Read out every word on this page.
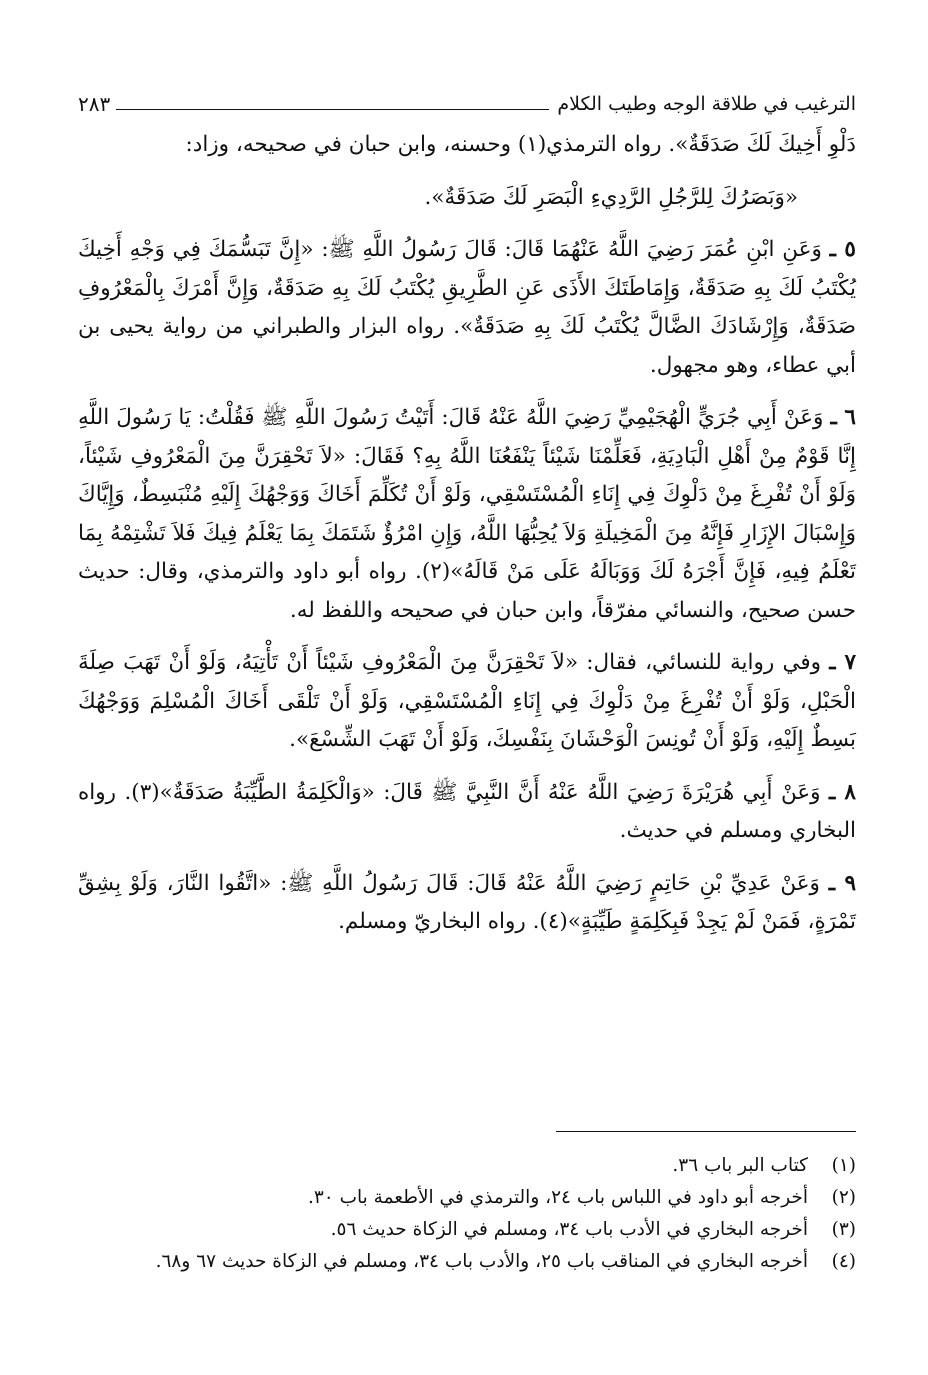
الترغيب في طلاقة الوجه وطيب الكلام
٢٨٣

دَلْوِ أَخِيكَ لَكَ صَدَقَةٌ». رواه الترمذي(١) وحسنه، وابن حبان في صحيحه، وزاد:

«وَبَصَرُكَ لِلرَّجُلِ الرَّدِيءِ الْبَصَرِ لَكَ صَدَقَةٌ».

٥ ـ وَعَنِ ابْنِ عُمَرَ رَضِيَ اللَّهُ عَنْهُمَا قَالَ: قَالَ رَسُولُ اللَّهِ ﷺ: «إِنَّ تَبَسُّمَكَ فِي وَجْهِ أَخِيكَ يُكْتَبُ لَكَ بِهِ صَدَقَةٌ، وَإِمَاطَتَكَ الأَذَى عَنِ الطَّرِيقِ يُكْتَبُ لَكَ بِهِ صَدَقَةٌ، وَإِنَّ أَمْرَكَ بِالْمَعْرُوفِ صَدَقَةٌ، وَإِرْشَادَكَ الضَّالَّ يُكْتَبُ لَكَ بِهِ صَدَقَةٌ». رواه البزار والطبراني من رواية يحيى بن أبي عطاء، وهو مجهول.

٦ ـ وَعَنْ أَبِي جُرَيٍّ الْهُجَيْمِيِّ رَضِيَ اللَّهُ عَنْهُ قَالَ: أَتَيْتُ رَسُولَ اللَّهِ ﷺ فَقُلْتُ: يَا رَسُولَ اللَّهِ إِنَّا قَوْمٌ مِنْ أَهْلِ الْبَادِيَةِ، فَعَلِّمْنَا شَيْئاً يَنْفَعُنَا اللَّهُ بِهِ؟ فَقَالَ: «لاَ تَحْقِرَنَّ مِنَ الْمَعْرُوفِ شَيْئاً، وَلَوْ أَنْ تُفْرِغَ مِنْ دَلْوِكَ فِي إِنَاءِ الْمُسْتَسْقِي، وَلَوْ أَنْ تُكَلِّمَ أَخَاكَ وَوَجْهُكَ إِلَيْهِ مُنْبَسِطٌ، وَإِيَّاكَ وَإِسْبَالَ الإِزَارِ فَإِنَّهُ مِنَ الْمَخِيلَةِ وَلاَ يُحِبُّهَا اللَّهُ، وَإِنِ امْرُؤٌ شَتَمَكَ بِمَا يَعْلَمُ فِيكَ فَلاَ تَشْتِمْهُ بِمَا تَعْلَمُ فِيهِ، فَإِنَّ أَجْرَهُ لَكَ وَوَبَالَهُ عَلَى مَنْ قَالَهُ»(٢). رواه أبو داود والترمذي، وقال: حديث حسن صحيح، والنسائي مفرّقاً، وابن حبان في صحيحه واللفظ له.

٧ ـ وفي رواية للنسائي، فقال: «لاَ تَحْقِرَنَّ مِنَ الْمَعْرُوفِ شَيْئاً أَنْ تَأْتِيَهُ، وَلَوْ أَنْ تَهَبَ صِلَةَ الْحَبْلِ، وَلَوْ أَنْ تُفْرِغَ مِنْ دَلْوِكَ فِي إِنَاءِ الْمُسْتَسْقِي، وَلَوْ أَنْ تَلْقَى أَخَاكَ الْمُسْلِمَ وَوَجْهُكَ بَسِطٌ إِلَيْهِ، وَلَوْ أَنْ تُونِسَ الْوَحْشَانَ بِنَفْسِكَ، وَلَوْ أَنْ تَهَبَ الشِّسْعَ».

٨ ـ وَعَنْ أَبِي هُرَيْرَةَ رَضِيَ اللَّهُ عَنْهُ أَنَّ النَّبِيَّ ﷺ قَالَ: «وَالْكَلِمَةُ الطَّيِّبَةُ صَدَقَةٌ»(٣). رواه البخاري ومسلم في حديث.

٩ ـ وَعَنْ عَدِيِّ بْنِ حَاتِمٍ رَضِيَ اللَّهُ عَنْهُ قَالَ: قَالَ رَسُولُ اللَّهِ ﷺ: «اتَّقُوا النَّارَ، وَلَوْ بِشِقِّ تَمْرَةٍ، فَمَنْ لَمْ يَجِدْ فَبِكَلِمَةٍ طَيِّبَةٍ»(٤). رواه البخاريّ ومسلم.

(١)
كتاب البر باب ٣٦.
(٢)
أخرجه أبو داود في اللباس باب ٢٤، والترمذي في الأطعمة باب ٣٠.
(٣)
أخرجه البخاري في الأدب باب ٣٤، ومسلم في الزكاة حديث ٥٦.
(٤)
أخرجه البخاري في المناقب باب ٢٥، والأدب باب ٣٤، ومسلم في الزكاة حديث ٦٧ و٦٨.
